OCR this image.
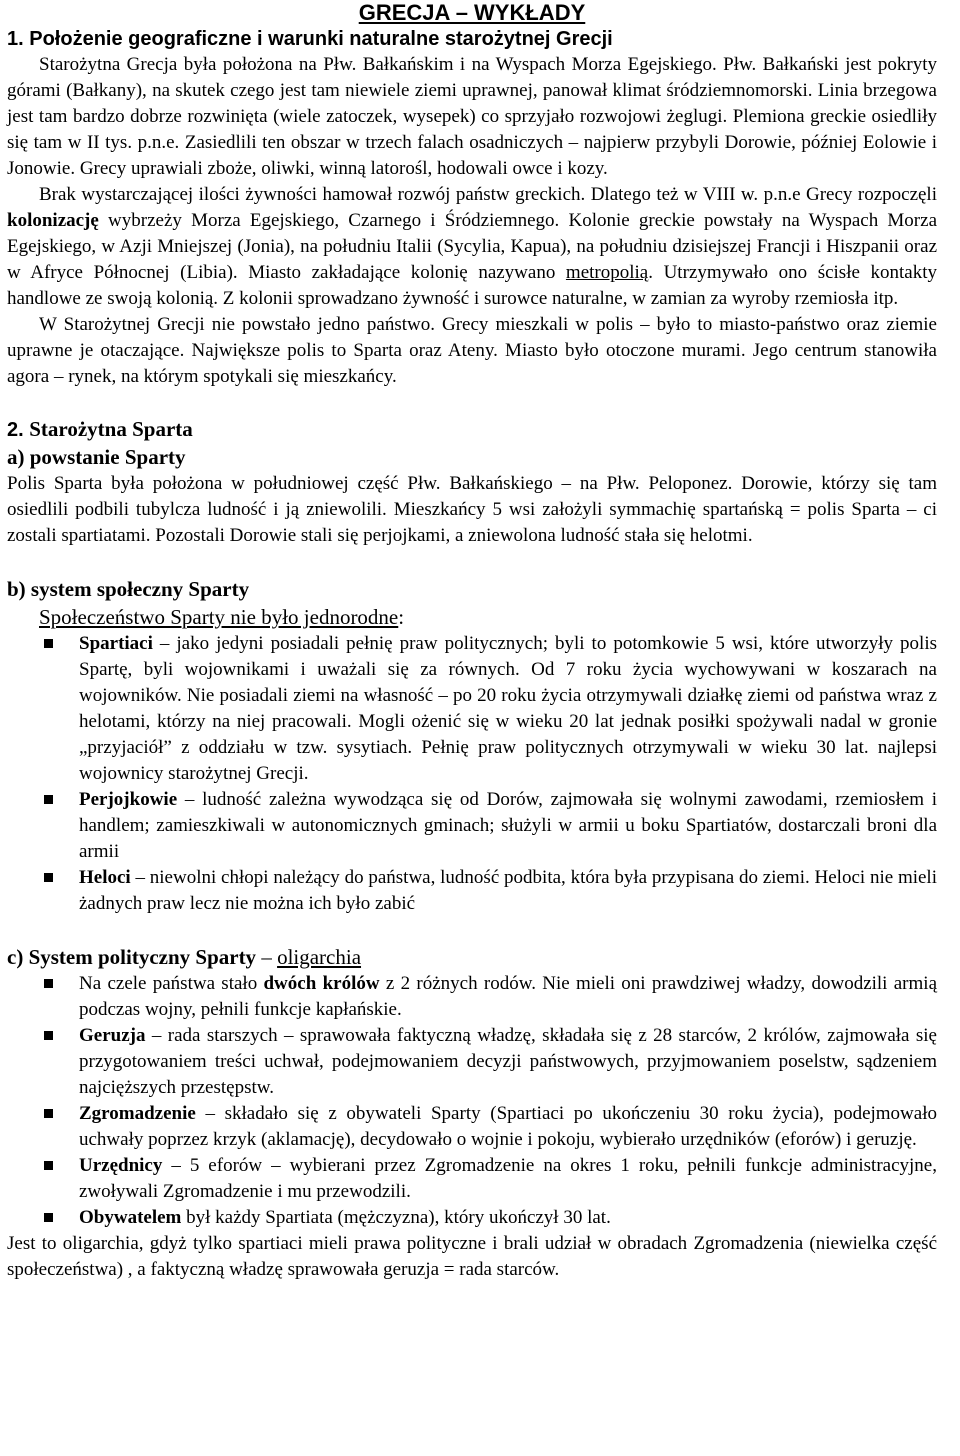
GRECJA – WYKŁADY
1. Położenie geograficzne i warunki naturalne starożytnej Grecji

Starożytna Grecja była położona na Płw. Bałkańskim i na Wyspach Morza Egejskiego. Płw. Bałkański jest pokryty górami (Bałkany), na skutek czego jest tam niewiele ziemi uprawnej, panował klimat śródziemnomorski. Linia brzegowa jest tam bardzo dobrze rozwinięta (wiele zatoczek, wysepek) co sprzyjało rozwojowi żeglugi. Plemiona greckie osiedliły się tam w II tys. p.n.e. Zasiedlili ten obszar w trzech falach osadniczych – najpierw przybyli Dorowie, później Eolowie i Jonowie. Grecy uprawiali zboże, oliwki, winną latorośl, hodowali owce i kozy.

Brak wystarczającej ilości żywności hamował rozwój państw greckich. Dlatego też w VIII w. p.n.e Grecy rozpoczęli kolonizację wybrzeży Morza Egejskiego, Czarnego i Śródziemnego. Kolonie greckie powstały na Wyspach Morza Egejskiego, w Azji Mniejszej (Jonia), na południu Italii (Sycylia, Kapua), na południu dzisiejszej Francji i Hiszpanii oraz w Afryce Północnej (Libia). Miasto zakładające kolonię nazywano metropolią. Utrzymywało ono ścisłe kontakty handlowe ze swoją kolonią. Z kolonii sprowadzano żywność i surowce naturalne, w zamian za wyroby rzemiosła itp.

W Starożytnej Grecji nie powstało jedno państwo. Grecy mieszkali w polis – było to miasto-państwo oraz ziemie uprawne je otaczające. Największe polis to Sparta oraz Ateny. Miasto było otoczone murami. Jego centrum stanowiła agora – rynek, na którym spotykali się mieszkańcy.

2. Starożytna Sparta
a) powstanie Sparty

Polis Sparta była położona w południowej część Płw. Bałkańskiego – na Płw. Peloponez. Dorowie, którzy się tam osiedlili podbili tubylcza ludność i ją zniewolili. Mieszkańcy 5 wsi założyli symmachię spartańską = polis Sparta – ci zostali spartiatami. Pozostali Dorowie stali się perjojkami, a zniewolona ludność stała się helotmi.

b) system społeczny Sparty
Społeczeństwo Sparty nie było jednorodne:
Spartiaci – jako jedyni posiadali pełnię praw politycznych; byli to potomkowie 5 wsi, które utworzyły polis Spartę, byli wojownikami i uważali się za równych. Od 7 roku życia wychowywani w koszarach na wojowników. Nie posiadali ziemi na własność – po 20 roku życia otrzymywali działkę ziemi od państwa wraz z helotami, którzy na niej pracowali. Mogli ożenić się w wieku 20 lat jednak posiłki spożywali nadal w gronie „przyjaciół” z oddziału w tzw. sysytiach. Pełnię praw politycznych otrzymywali w wieku 30 lat. najlepsi wojownicy starożytnej Grecji.
Perjojkowie – ludność zależna wywodząca się od Dorów, zajmowała się wolnymi zawodami, rzemiosłem i handlem; zamieszkiwali w autonomicznych gminach; służyli w armii u boku Spartiatów, dostarczali broni dla armii
Heloci – niewolni chłopi należący do państwa, ludność podbita, która była przypisana do ziemi. Heloci nie mieli żadnych praw lecz nie można ich było zabić
c) System polityczny Sparty – oligarchia
Na czele państwa stało dwóch królów z 2 różnych rodów. Nie mieli oni prawdziwej władzy, dowodzili armią podczas wojny, pełnili funkcje kapłańskie.
Geruzja – rada starszych – sprawowała faktyczną władzę, składała się z 28 starców, 2 królów, zajmowała się przygotowaniem treści uchwał, podejmowaniem decyzji państwowych, przyjmowaniem poselstw, sądzeniem najcięższych przestępstw.
Zgromadzenie – składało się z obywateli Sparty (Spartiaci po ukończeniu 30 roku życia), podejmowało uchwały poprzez krzyk (aklamację), decydowało o wojnie i pokoju, wybierało urzędników (eforów) i geruzję.
Urzędnicy – 5 eforów – wybierani przez Zgromadzenie na okres 1 roku, pełnili funkcje administracyjne, zwoływali Zgromadzenie i mu przewodzili.
Obywatelem był każdy Spartiata (mężczyzna), który ukończył 30 lat.

Jest to oligarchia, gdyż tylko spartiaci mieli prawa polityczne i brali udział w obradach Zgromadzenia (niewielka część społeczeństwa) , a faktyczną władzę sprawowała geruzja = rada starców.
